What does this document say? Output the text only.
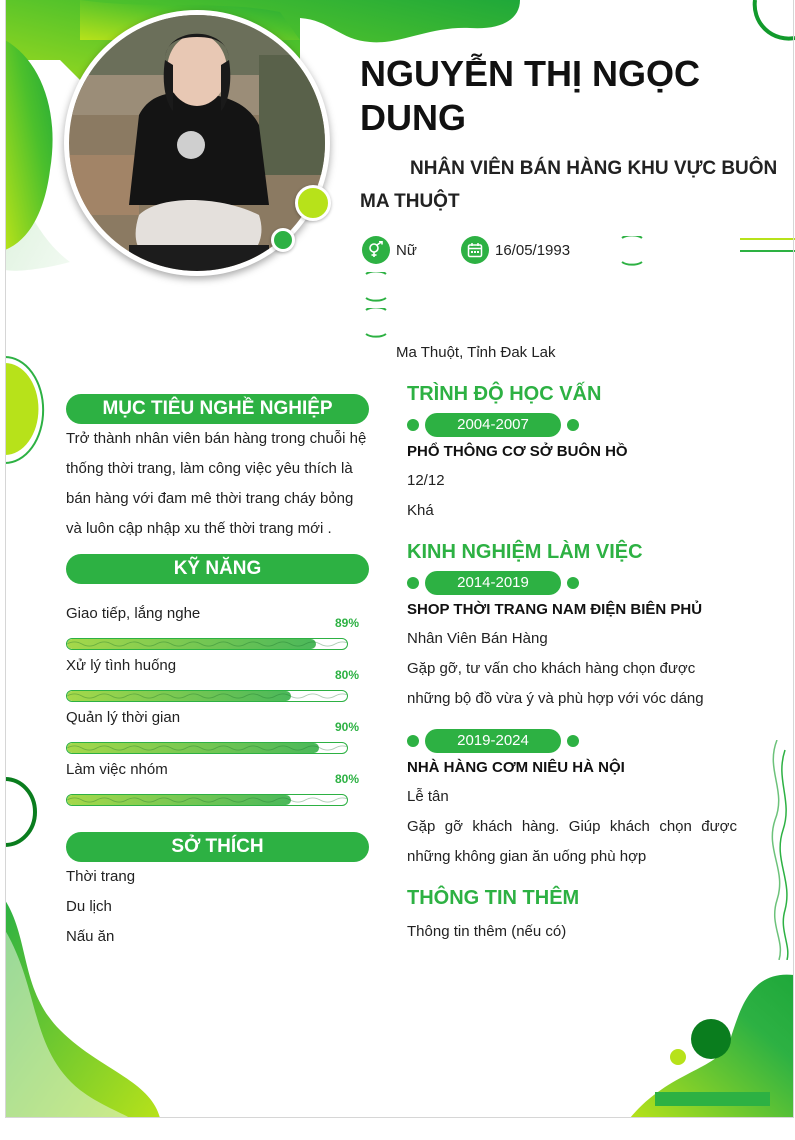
NGUYỄN THỊ NGỌC DUNG
NHÂN VIÊN BÁN HÀNG KHU VỰC BUÔN MA THUỘT
Nữ	16/05/1993
Ma Thuột, Tỉnh Đak Lak
MỤC TIÊU NGHỀ NGHIỆP
Trở thành nhân viên bán hàng trong chuỗi hệ thống thời trang, làm công việc yêu thích là bán hàng với đam mê thời trang cháy bỏng và luôn cập nhập xu thế thời trang mới .
KỸ NĂNG
Giao tiếp, lắng nghe
89%
Xử lý tình huống
80%
Quản lý thời gian
90%
Làm việc nhóm
80%
SỞ THÍCH
Thời trang
Du lịch
Nấu ăn
TRÌNH ĐỘ HỌC VẤN
2004-2007
PHỔ THÔNG CƠ SỞ BUÔN HỒ
12/12
Khá
KINH NGHIỆM LÀM VIỆC
2014-2019
SHOP THỜI TRANG NAM ĐIỆN BIÊN PHỦ
Nhân Viên Bán Hàng
Gặp gỡ, tư vấn cho khách hàng chọn được những bộ đồ vừa ý và phù hợp với vóc dáng
2019-2024
NHÀ HÀNG CƠM NIÊU HÀ NỘI
Lễ tân
Gặp gỡ khách hàng. Giúp khách chọn được những không gian ăn uống phù hợp
THÔNG TIN THÊM
Thông tin thêm (nếu có)
